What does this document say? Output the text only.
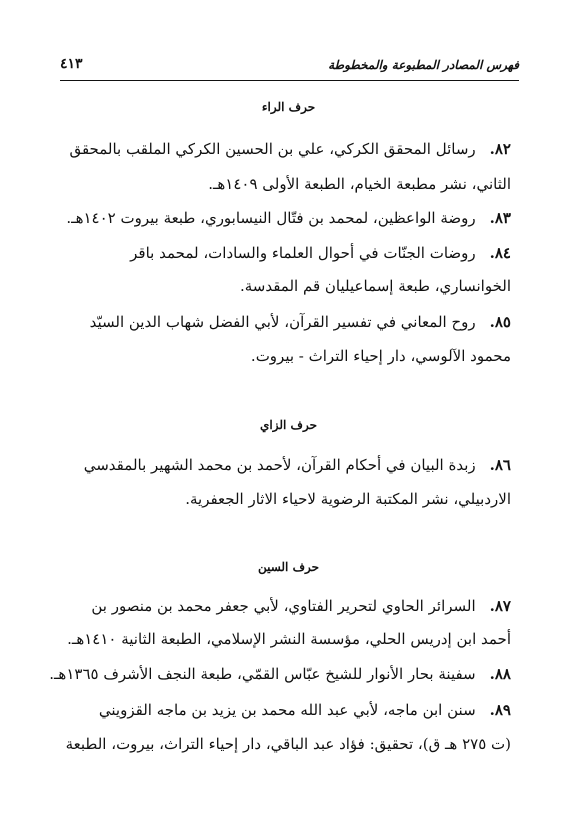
فهرس المصادر المطبوعة والمخطوطة
٤١٣
حرف الراء
٨٢.رسائل المحقق الكركي، علي بن الحسين الكركي الملقب بالمحقق
الثاني، نشر مطبعة الخيام، الطبعة الأولى ١٤٠٩هـ.
٨٣.روضة الواعظين، لمحمد بن فتّال النيسابوري، طبعة بيروت ١٤٠٢هـ.
٨٤.روضات الجنّات في أحوال العلماء والسادات، لمحمد باقر
الخوانساري، طبعة إسماعيليان قم المقدسة.
٨٥.روح المعاني في تفسير القرآن، لأبي الفضل شهاب الدين السيّد
محمود الآلوسي، دار إحياء التراث - بيروت.
حرف الزاي
٨٦.زبدة البيان في أحكام القرآن، لأحمد بن محمد الشهير بالمقدسي
الاردبيلي، نشر المكتبة الرضوية لاحياء الاثار الجعفرية.
حرف السين
٨٧.السرائر الحاوي لتحرير الفتاوي، لأبي جعفر محمد بن منصور بن
أحمد ابن إدريس الحلي، مؤسسة النشر الإسلامي، الطبعة الثانية ١٤١٠هـ.
٨٨.سفينة بحار الأنوار للشيخ عبّاس القمّي، طبعة النجف الأشرف ١٣٦٥هـ.
٨٩.سنن ابن ماجه، لأبي عبد الله محمد بن يزيد بن ماجه القزويني
(ت ٢٧٥ هـ ق)، تحقيق: فؤاد عبد الباقي، دار إحياء التراث، بيروت، الطبعة
